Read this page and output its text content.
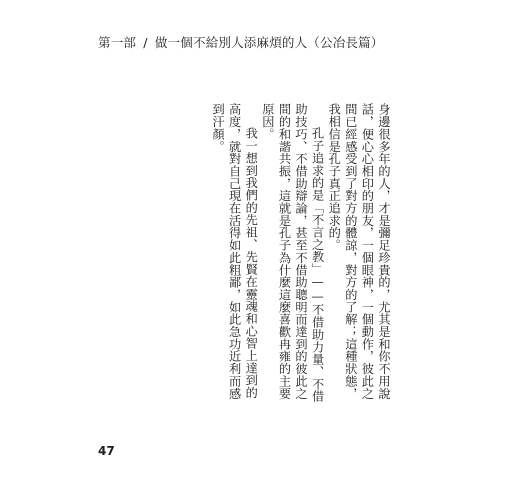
第一部 / 做一個不給別人添麻煩的人（公冶長篇）

身邊很多年的人，才是彌足珍貴的，尤其是和你不用說話，便心心相印的朋友，一個眼神，一個動作，彼此之間已經感受到了對方的體諒，對方的了解；這種狀態，我相信是孔子真正追求的。

孔子追求的是「不言之教」——不借助力量、不借助技巧、不借助辯論，甚至不借助聰明而達到的彼此之間的和諧共振，這就是孔子為什麼這麼喜歡冉雍的主要原因。

我一想到我們的先祖、先賢在靈魂和心智上達到的高度，就對自己現在活得如此粗鄙，如此急功近利而感到汗顏。

47
